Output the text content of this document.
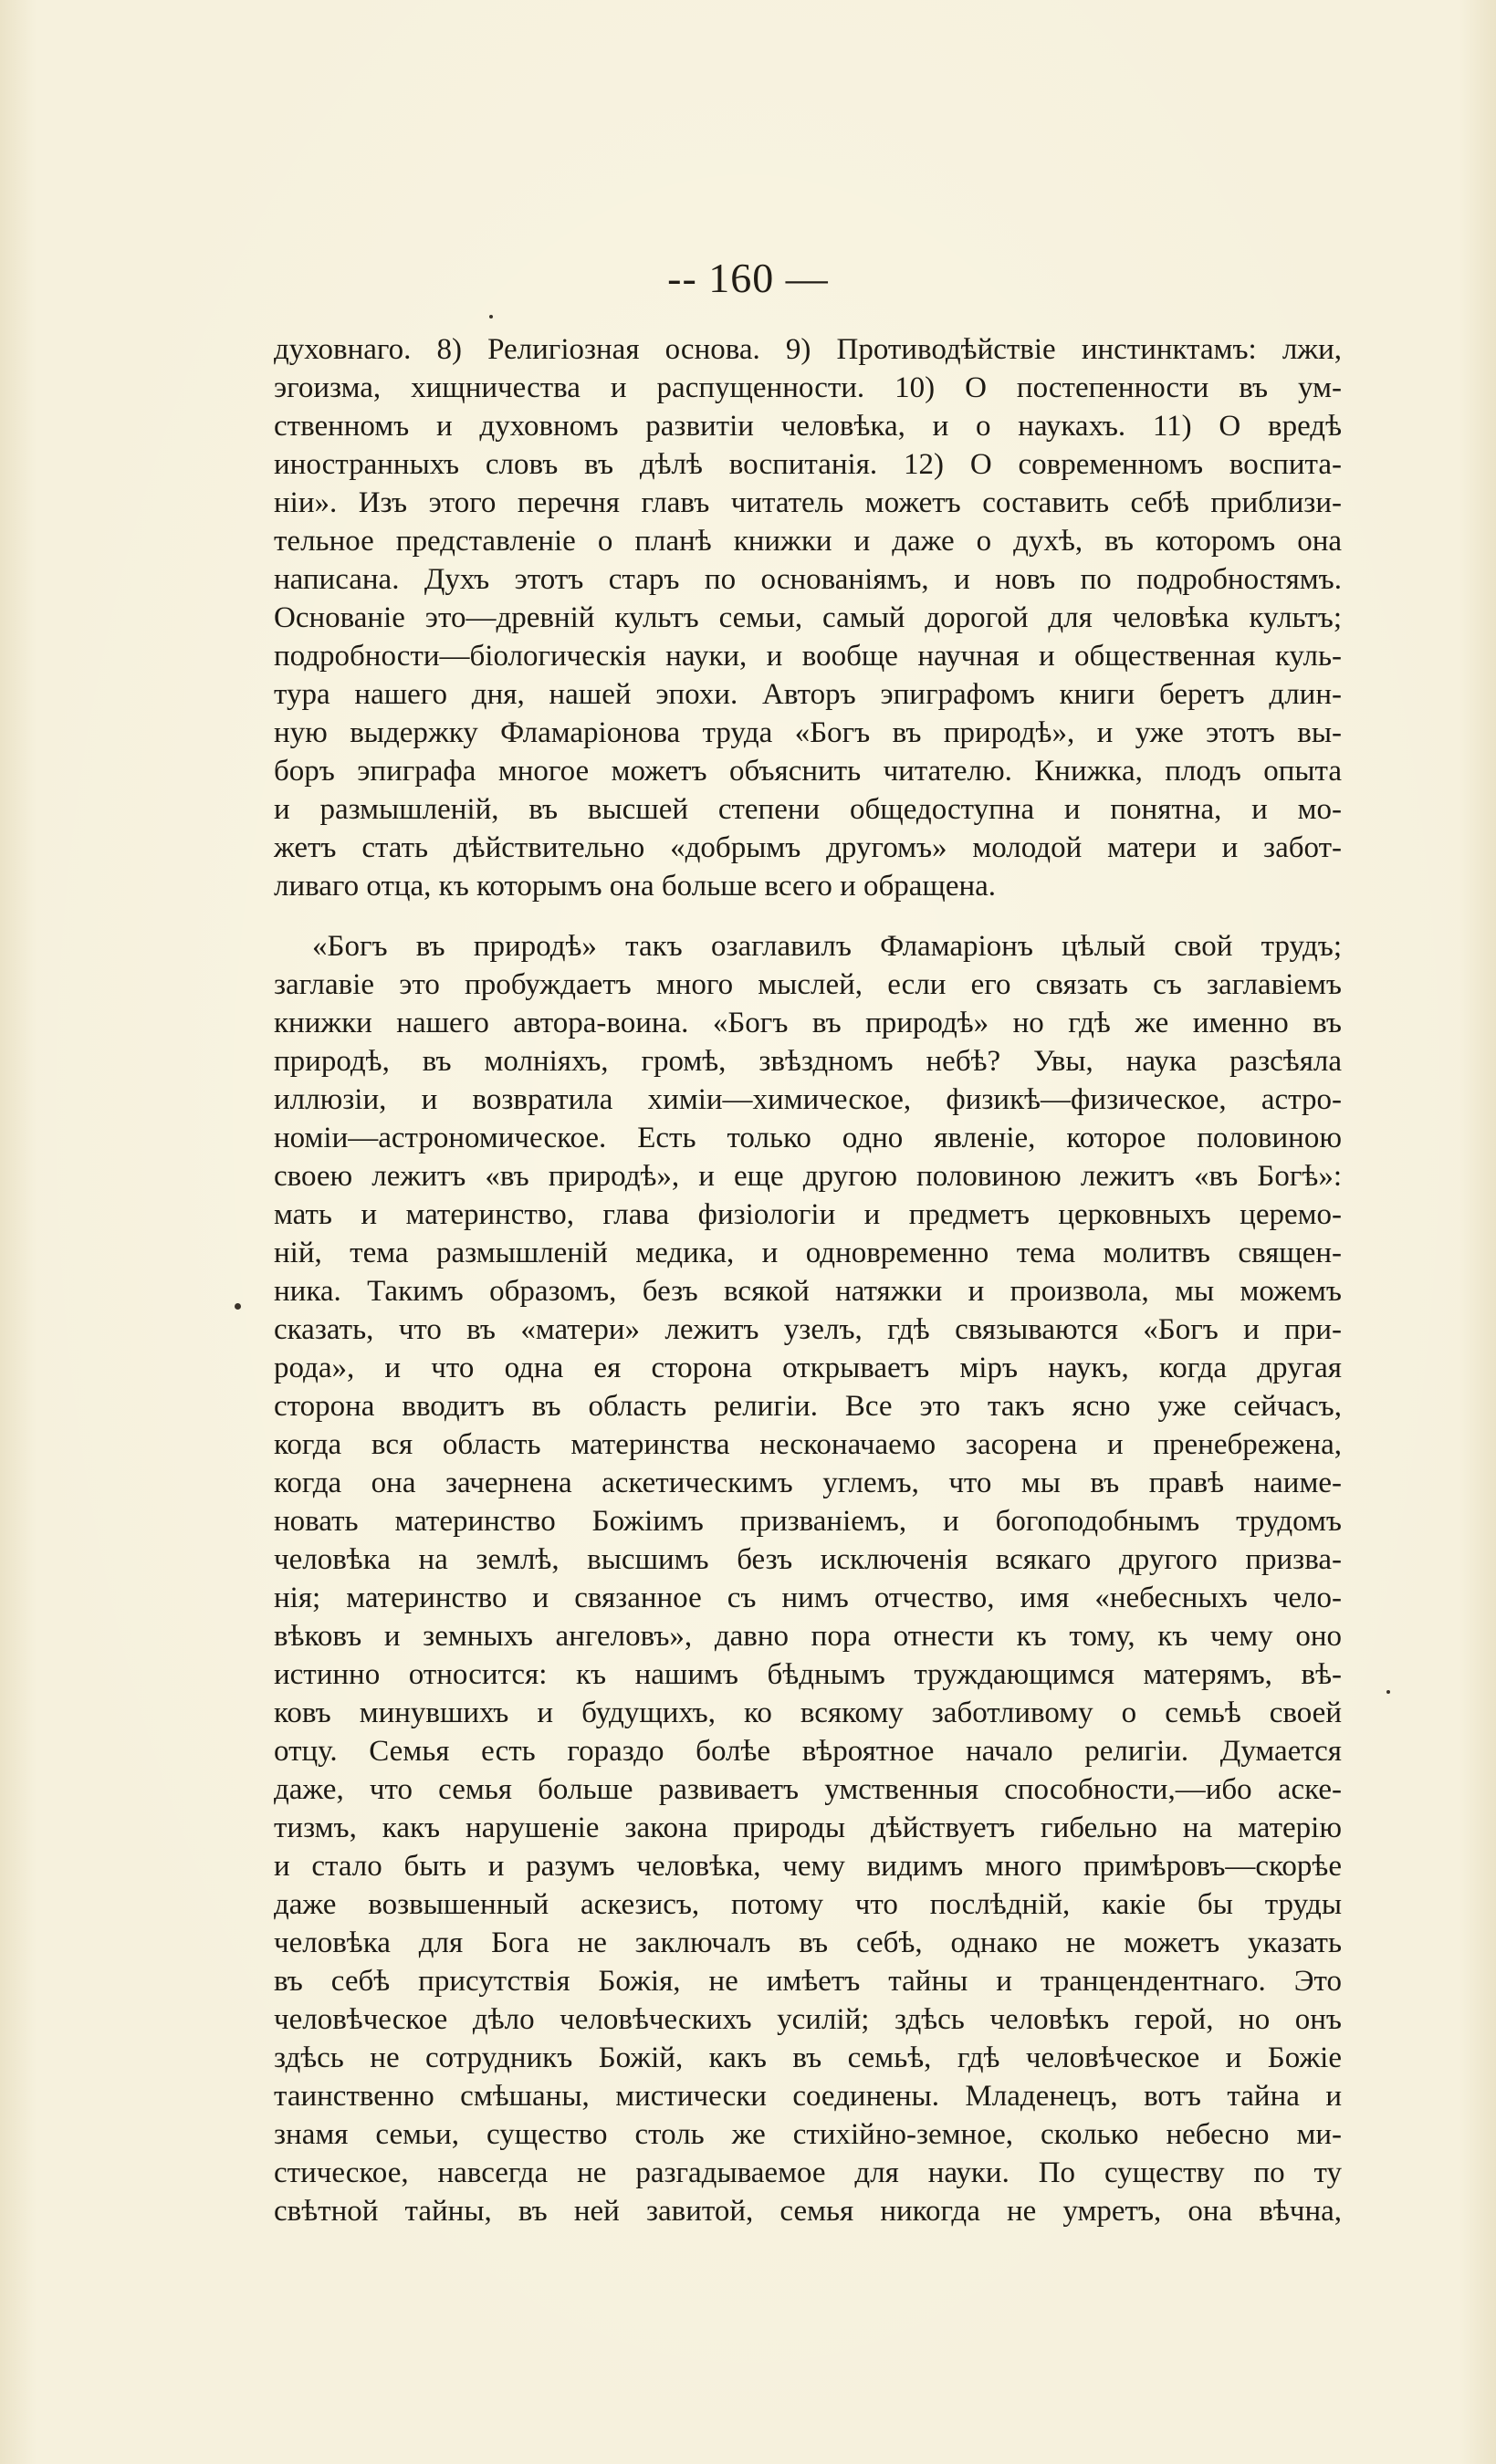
-- 160 —
духовнаго. 8) Религіозная основа. 9) Противодѣйствіе инстинктамъ: лжи,
эгоизма, хищничества и распущенности. 10) О постепенности въ ум-
ственномъ и духовномъ развитіи человѣка, и о наукахъ. 11) О вредѣ
иностранныхъ словъ въ дѣлѣ воспитанія. 12) О современномъ воспита-
ніи». Изъ этого перечня главъ читатель можетъ составить себѣ приблизи-
тельное представленіе о планѣ книжки и даже о духѣ, въ которомъ она
написана. Духъ этотъ старъ по основаніямъ, и новъ по подробностямъ.
Основаніе это—древній культъ семьи, самый дорогой для человѣка культъ;
подробности—біологическія науки, и вообще научная и общественная куль-
тура нашего дня, нашей эпохи. Авторъ эпиграфомъ книги беретъ длин-
ную выдержку Фламаріонова труда «Богъ въ природѣ», и уже этотъ вы-
боръ эпиграфа многое можетъ объяснить читателю. Книжка, плодъ опыта
и размышленій, въ высшей степени общедоступна и понятна, и мо-
жетъ стать дѣйствительно «добрымъ другомъ» молодой матери и забот-
ливаго отца, къ которымъ она больше всего и обращена.
«Богъ въ природѣ» такъ озаглавилъ Фламаріонъ цѣлый свой трудъ;
заглавіе это пробуждаетъ много мыслей, если его связать съ заглавіемъ
книжки нашего автора-воина. «Богъ въ природѣ» но гдѣ же именно въ
природѣ, въ молніяхъ, громѣ, звѣздномъ небѣ? Увы, наука разсѣяла
иллюзіи, и возвратила химіи—химическое, физикѣ—физическое, астро-
номіи—астрономическое. Есть только одно явленіе, которое половиною
своею лежитъ «въ природѣ», и еще другою половиною лежитъ «въ Богѣ»:
мать и материнство, глава физіологіи и предметъ церковныхъ церемо-
ній, тема размышленій медика, и одновременно тема молитвъ священ-
ника. Такимъ образомъ, безъ всякой натяжки и произвола, мы можемъ
сказать, что въ «матери» лежитъ узелъ, гдѣ связываются «Богъ и при-
рода», и что одна ея сторона открываетъ міръ наукъ, когда другая
сторона вводитъ въ область религіи. Все это такъ ясно уже сейчасъ,
когда вся область материнства несконачаемо засорена и пренебрежена,
когда она зачернена аскетическимъ углемъ, что мы въ правѣ наиме-
новать материнство Божіимъ призваніемъ, и богоподобнымъ трудомъ
человѣка на землѣ, высшимъ безъ исключенія всякаго другого призва-
нія; материнство и связанное съ нимъ отчество, имя «небесныхъ чело-
вѣковъ и земныхъ ангеловъ», давно пора отнести къ тому, къ чему оно
истинно относится: къ нашимъ бѣднымъ труждающимся матерямъ, вѣ-
ковъ минувшихъ и будущихъ, ко всякому заботливому о семьѣ своей
отцу. Семья есть гораздо болѣе вѣроятное начало религіи. Думается
даже, что семья больше развиваетъ умственныя способности,—ибо аске-
тизмъ, какъ нарушеніе закона природы дѣйствуетъ гибельно на матерію
и стало быть и разумъ человѣка, чему видимъ много примѣровъ—скорѣе
даже возвышенный аскезисъ, потому что послѣдній, какіе бы труды
человѣка для Бога не заключалъ въ себѣ, однако не можетъ указать
въ себѣ присутствія Божія, не имѣетъ тайны и транцендентнаго. Это
человѣческое дѣло человѣческихъ усилій; здѣсь человѣкъ герой, но онъ
здѣсь не сотрудникъ Божій, какъ въ семьѣ, гдѣ человѣческое и Божіе
таинственно смѣшаны, мистически соединены. Младенецъ, вотъ тайна и
знамя семьи, существо столь же стихійно-земное, сколько небесно ми-
стическое, навсегда не разгадываемое для науки. По существу по ту
свѣтной тайны, въ ней завитой, семья никогда не умретъ, она вѣчна,
